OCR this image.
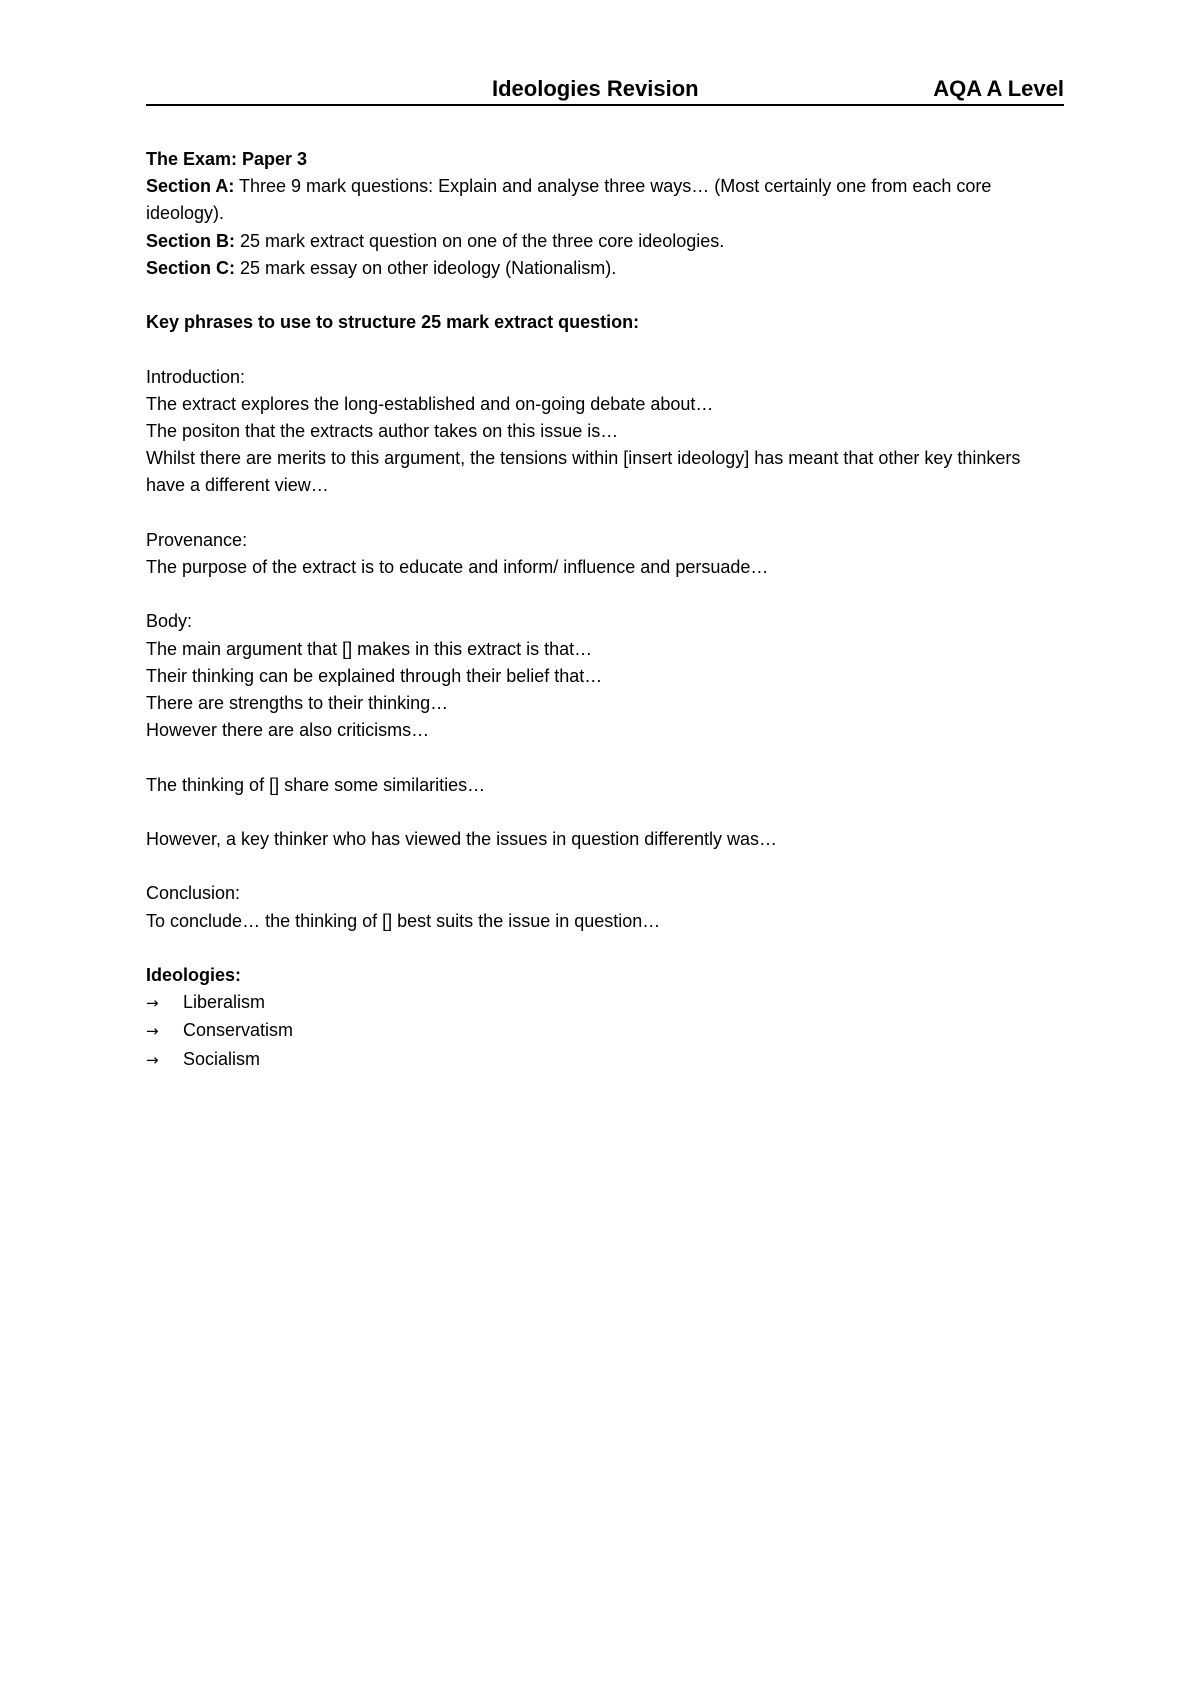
Ideologies Revision	AQA A Level
The Exam: Paper 3
Section A: Three 9 mark questions: Explain and analyse three ways… (Most certainly one from each core ideology).
Section B: 25 mark extract question on one of the three core ideologies.
Section C: 25 mark essay on other ideology (Nationalism).
Key phrases to use to structure 25 mark extract question:
Introduction:
The extract explores the long-established and on-going debate about…
The positon that the extracts author takes on this issue is…
Whilst there are merits to this argument, the tensions within [insert ideology] has meant that other key thinkers have a different view…
Provenance:
The purpose of the extract is to educate and inform/ influence and persuade…
Body:
The main argument that [] makes in this extract is that…
Their thinking can be explained through their belief that…
There are strengths to their thinking…
However there are also criticisms…
The thinking of [] share some similarities…
However, a key thinker who has viewed the issues in question differently was…
Conclusion:
To conclude… the thinking of [] best suits the issue in question…
Ideologies:
→ Liberalism
→ Conservatism
→ Socialism
